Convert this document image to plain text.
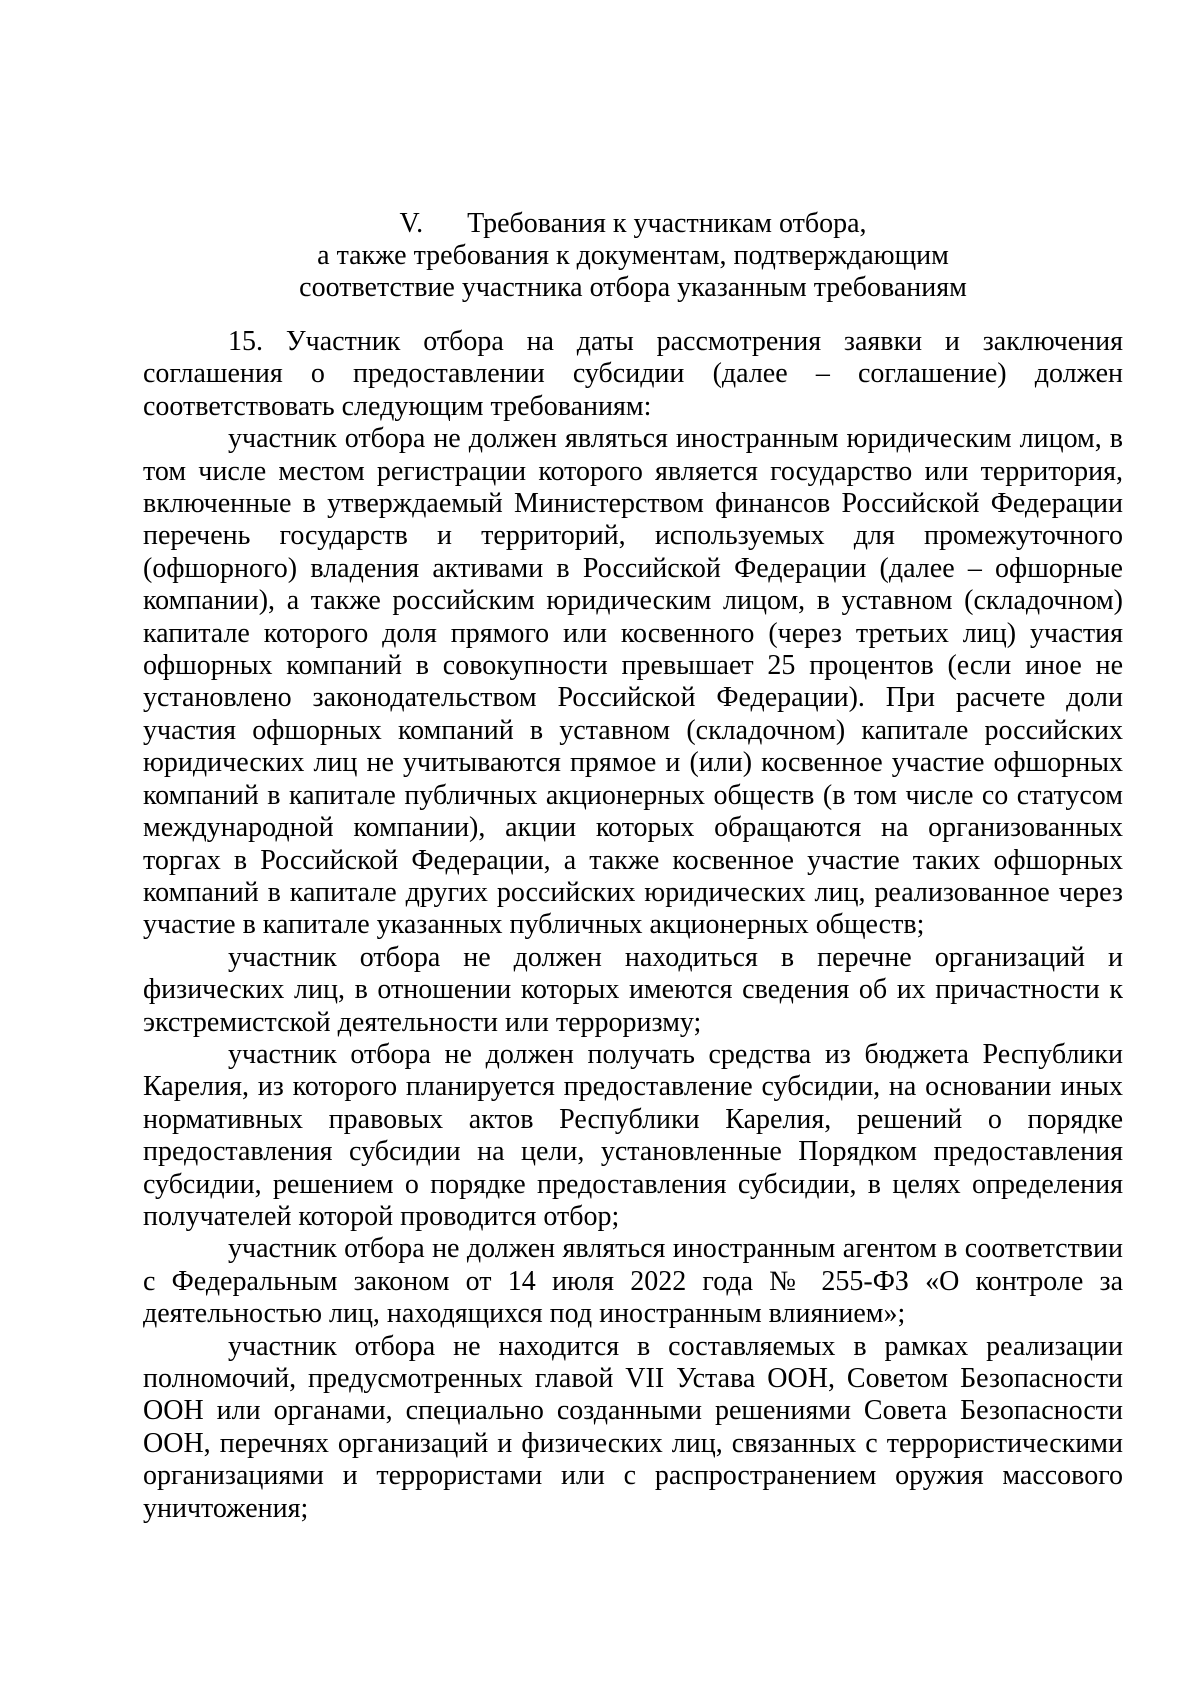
V. Требования к участникам отбора,
а также требования к документам, подтверждающим
соответствие участника отбора указанным требованиям

15. Участник отбора на даты рассмотрения заявки и заключения соглашения о предоставлении субсидии (далее – соглашение) должен соответствовать следующим требованиям:

участник отбора не должен являться иностранным юридическим лицом, в том числе местом регистрации которого является государство или территория, включенные в утверждаемый Министерством финансов Российской Федерации перечень государств и территорий, используемых для промежуточного (офшорного) владения активами в Российской Федерации (далее – офшорные компании), а также российским юридическим лицом, в уставном (складочном) капитале которого доля прямого или косвенного (через третьих лиц) участия офшорных компаний в совокупности превышает 25 процентов (если иное не установлено законодательством Российской Федерации). При расчете доли участия офшорных компаний в уставном (складочном) капитале российских юридических лиц не учитываются прямое и (или) косвенное участие офшорных компаний в капитале публичных акционерных обществ (в том числе со статусом международной компании), акции которых обращаются на организованных торгах в Российской Федерации, а также косвенное участие таких офшорных компаний в капитале других российских юридических лиц, реализованное через участие в капитале указанных публичных акционерных обществ;

участник отбора не должен находиться в перечне организаций и физических лиц, в отношении которых имеются сведения об их причастности к экстремистской деятельности или терроризму;

участник отбора не должен получать средства из бюджета Республики Карелия, из которого планируется предоставление субсидии, на основании иных нормативных правовых актов Республики Карелия, решений о порядке предоставления субсидии на цели, установленные Порядком предоставления субсидии, решением о порядке предоставления субсидии, в целях определения получателей которой проводится отбор;

участник отбора не должен являться иностранным агентом в соответствии с Федеральным законом от 14 июля 2022 года № 255-ФЗ «О контроле за деятельностью лиц, находящихся под иностранным влиянием»;

участник отбора не находится в составляемых в рамках реализации полномочий, предусмотренных главой VII Устава ООН, Советом Безопасности ООН или органами, специально созданными решениями Совета Безопасности ООН, перечнях организаций и физических лиц, связанных с террористическими организациями и террористами или с распространением оружия массового уничтожения;
